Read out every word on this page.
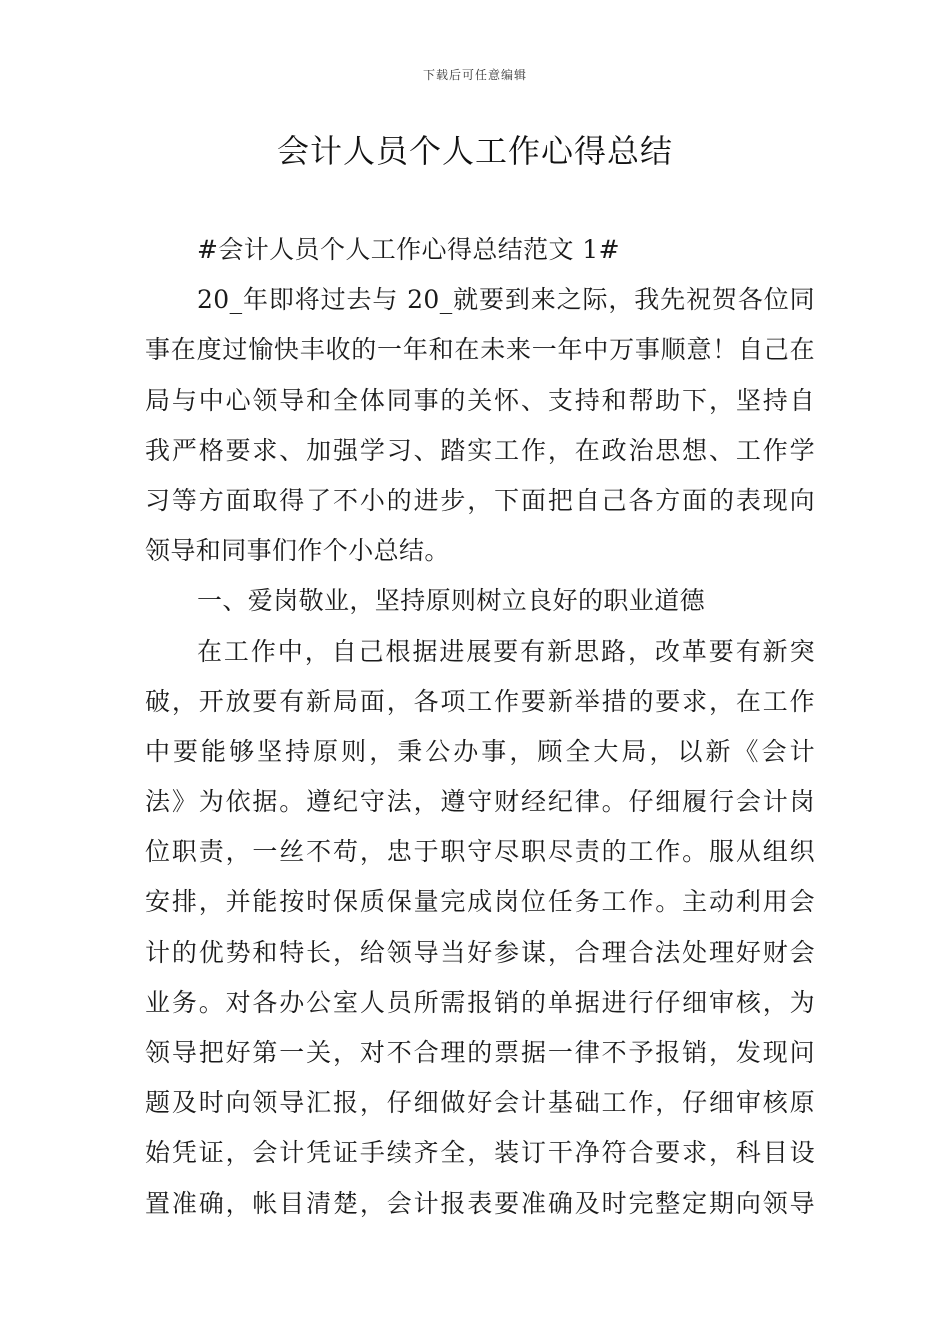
下载后可任意编辑
会计人员个人工作心得总结
#会计人员个人工作心得总结范文 1#
20_年即将过去与 20_就要到来之际，我先祝贺各位同
事在度过愉快丰收的一年和在未来一年中万事顺意！自己在
局与中心领导和全体同事的关怀、支持和帮助下，坚持自
我严格要求、加强学习、踏实工作，在政治思想、工作学
习等方面取得了不小的进步，下面把自己各方面的表现向
领导和同事们作个小总结。
一、爱岗敬业，坚持原则树立良好的职业道德
在工作中，自己根据进展要有新思路，改革要有新突
破，开放要有新局面，各项工作要新举措的要求，在工作
中要能够坚持原则，秉公办事，顾全大局，以新《会计
法》为依据。遵纪守法，遵守财经纪律。仔细履行会计岗
位职责，一丝不苟，忠于职守尽职尽责的工作。服从组织
安排，并能按时保质保量完成岗位任务工作。主动利用会
计的优势和特长，给领导当好参谋，合理合法处理好财会
业务。对各办公室人员所需报销的单据进行仔细审核，为
领导把好第一关，对不合理的票据一律不予报销，发现问
题及时向领导汇报，仔细做好会计基础工作，仔细审核原
始凭证，会计凭证手续齐全，装订干净符合要求，科目设
置准确，帐目清楚，会计报表要准确及时完整定期向领导
